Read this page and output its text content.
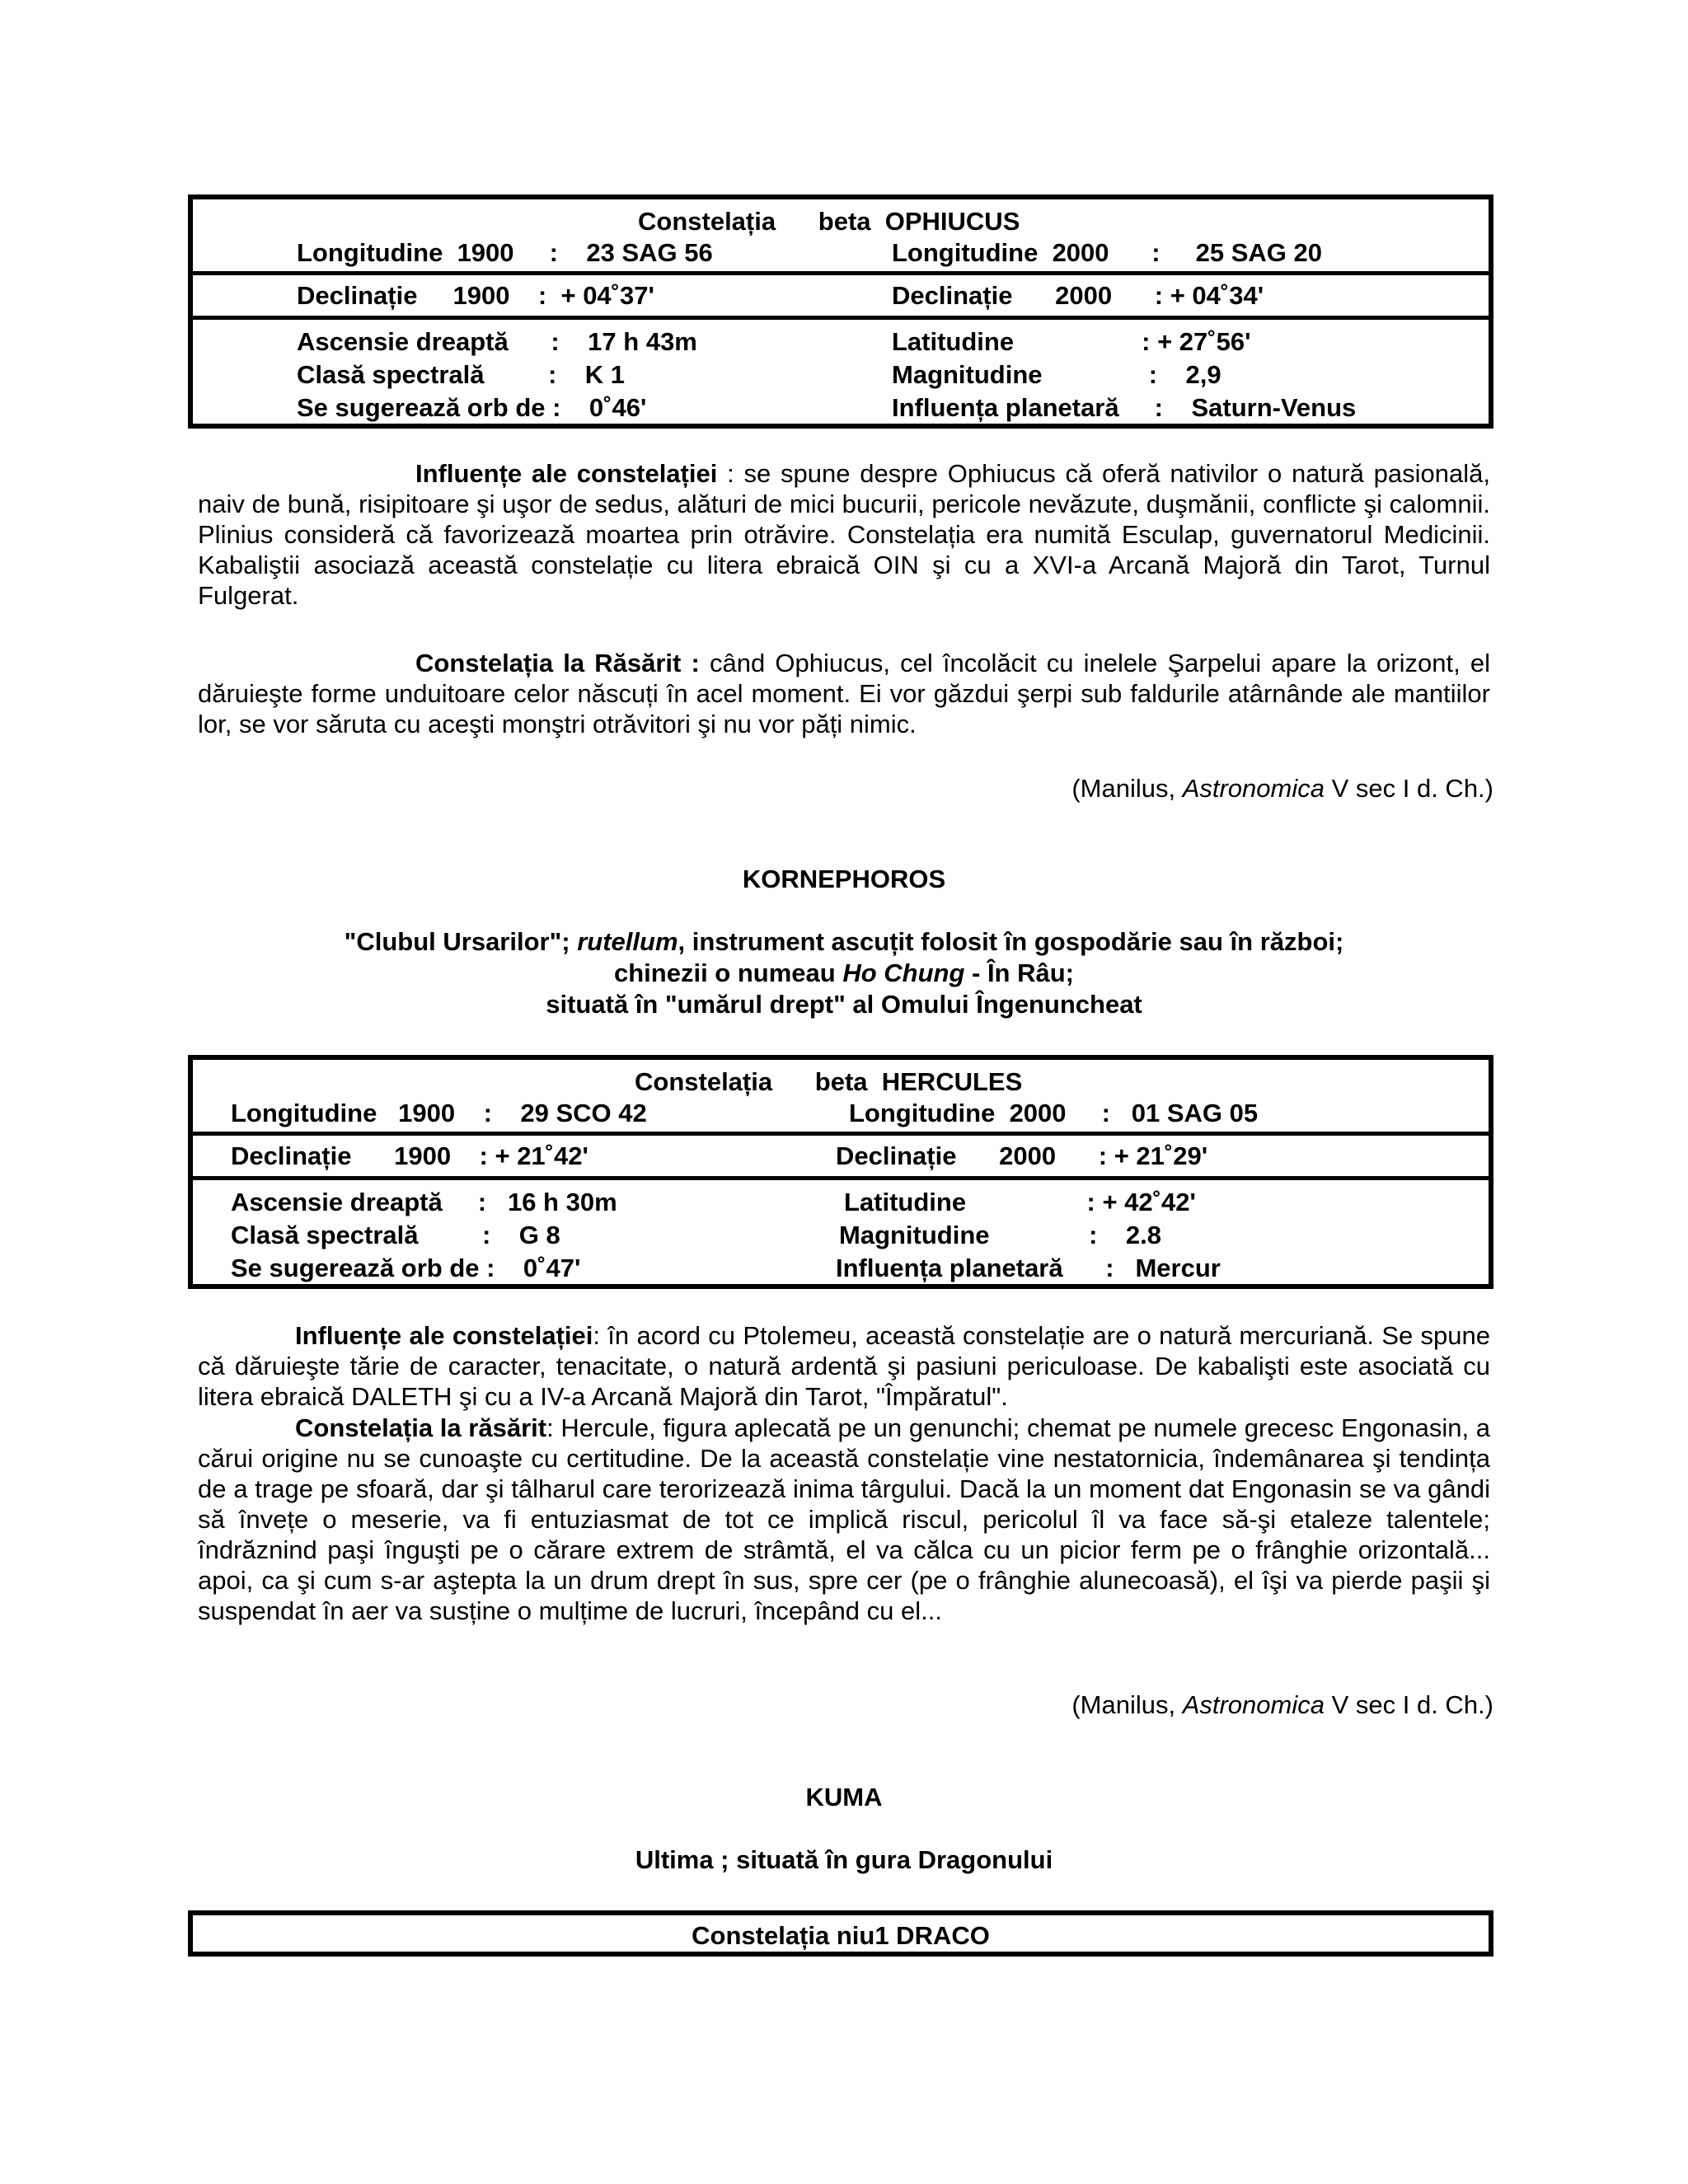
Constelația      beta  OPHIUCUS
Longitudine  1900     :    23 SAG 56	Longitudine  2000      :     25 SAG 20
Declinație     1900    :  + 04˚37'	Declinație      2000      : + 04˚34'
Ascensie dreaptă      :    17 h 43m	Latitudine                  : + 27˚56'
Clasă spectrală         :    K 1	Magnitudine               :    2,9
Se sugerează orb de :    0˚46'	Influența planetară     :    Saturn-Venus
Influențe ale constelației : se spune despre Ophiucus că oferă nativilor o natură pasională, naiv de bună, risipitoare şi uşor de sedus, alături de mici bucurii, pericole nevăzute, duşmănii, conflicte şi calomnii. Plinius consideră că favorizează moartea prin otrăvire. Constelația era numită Esculap, guvernatorul Medicinii. Kabaliştii asociază această constelație cu litera ebraică OIN şi cu a XVI-a Arcană Majoră din Tarot, Turnul Fulgerat.
Constelația la Răsărit : când Ophiucus, cel încolăcit cu inelele Şarpelui apare la orizont, el dăruieşte forme unduitoare celor născuți în acel moment. Ei vor găzdui şerpi sub faldurile atârnânde ale mantiilor lor, se vor săruta cu aceşti monştri otrăvitori şi nu vor păți nimic.
(Manilus, Astronomica V sec I d. Ch.)
KORNEPHOROS
"Clubul Ursarilor"; rutellum, instrument ascuțit folosit în gospodărie sau în război;
chinezii o numeau Ho Chung - În Râu;
situată în "umărul drept" al Omului Îngenuncheat
Constelația      beta  HERCULES
Longitudine   1900    :    29 SCO 42	Longitudine  2000     :   01 SAG 05
Declinație      1900    : + 21˚42'	Declinație      2000      : + 21˚29'
Ascensie dreaptă     :   16 h 30m	Latitudine                 : + 42˚42'
Clasă spectrală         :    G 8	Magnitudine              :    2.8
Se sugerează orb de :    0˚47'	Influența planetară      :   Mercur
Influențe ale constelației: în acord cu Ptolemeu, această constelație are o natură mercuriană. Se spune că dăruieşte tărie de caracter, tenacitate, o natură ardentă şi pasiuni periculoase. De kabalişti este asociată cu litera ebraică DALETH şi cu a IV-a Arcană Majoră din Tarot, "Împăratul".
Constelația la răsărit: Hercule, figura aplecată pe un genunchi; chemat pe numele grecesc Engonasin, a cărui origine nu se cunoaşte cu certitudine. De la această constelație vine nestatornicia, îndemânarea şi tendința de a trage pe sfoară, dar şi tâlharul care terorizează inima târgului. Dacă la un moment dat Engonasin se va gândi să învețe o meserie, va fi entuziasmat de tot ce implică riscul, pericolul îl va face să-şi etaleze talentele; îndrăznind paşi înguşti pe o cărare extrem de strâmtă, el va călca cu un picior ferm pe o frânghie orizontală... apoi, ca şi cum s-ar aştepta la un drum drept în sus, spre cer (pe o frânghie alunecoasă), el îşi va pierde paşii şi suspendat în aer va susține o mulțime de lucruri, începând cu el...
(Manilus, Astronomica V sec I d. Ch.)
KUMA
Ultima ; situată în gura Dragonului
Constelația niu1 DRACO
